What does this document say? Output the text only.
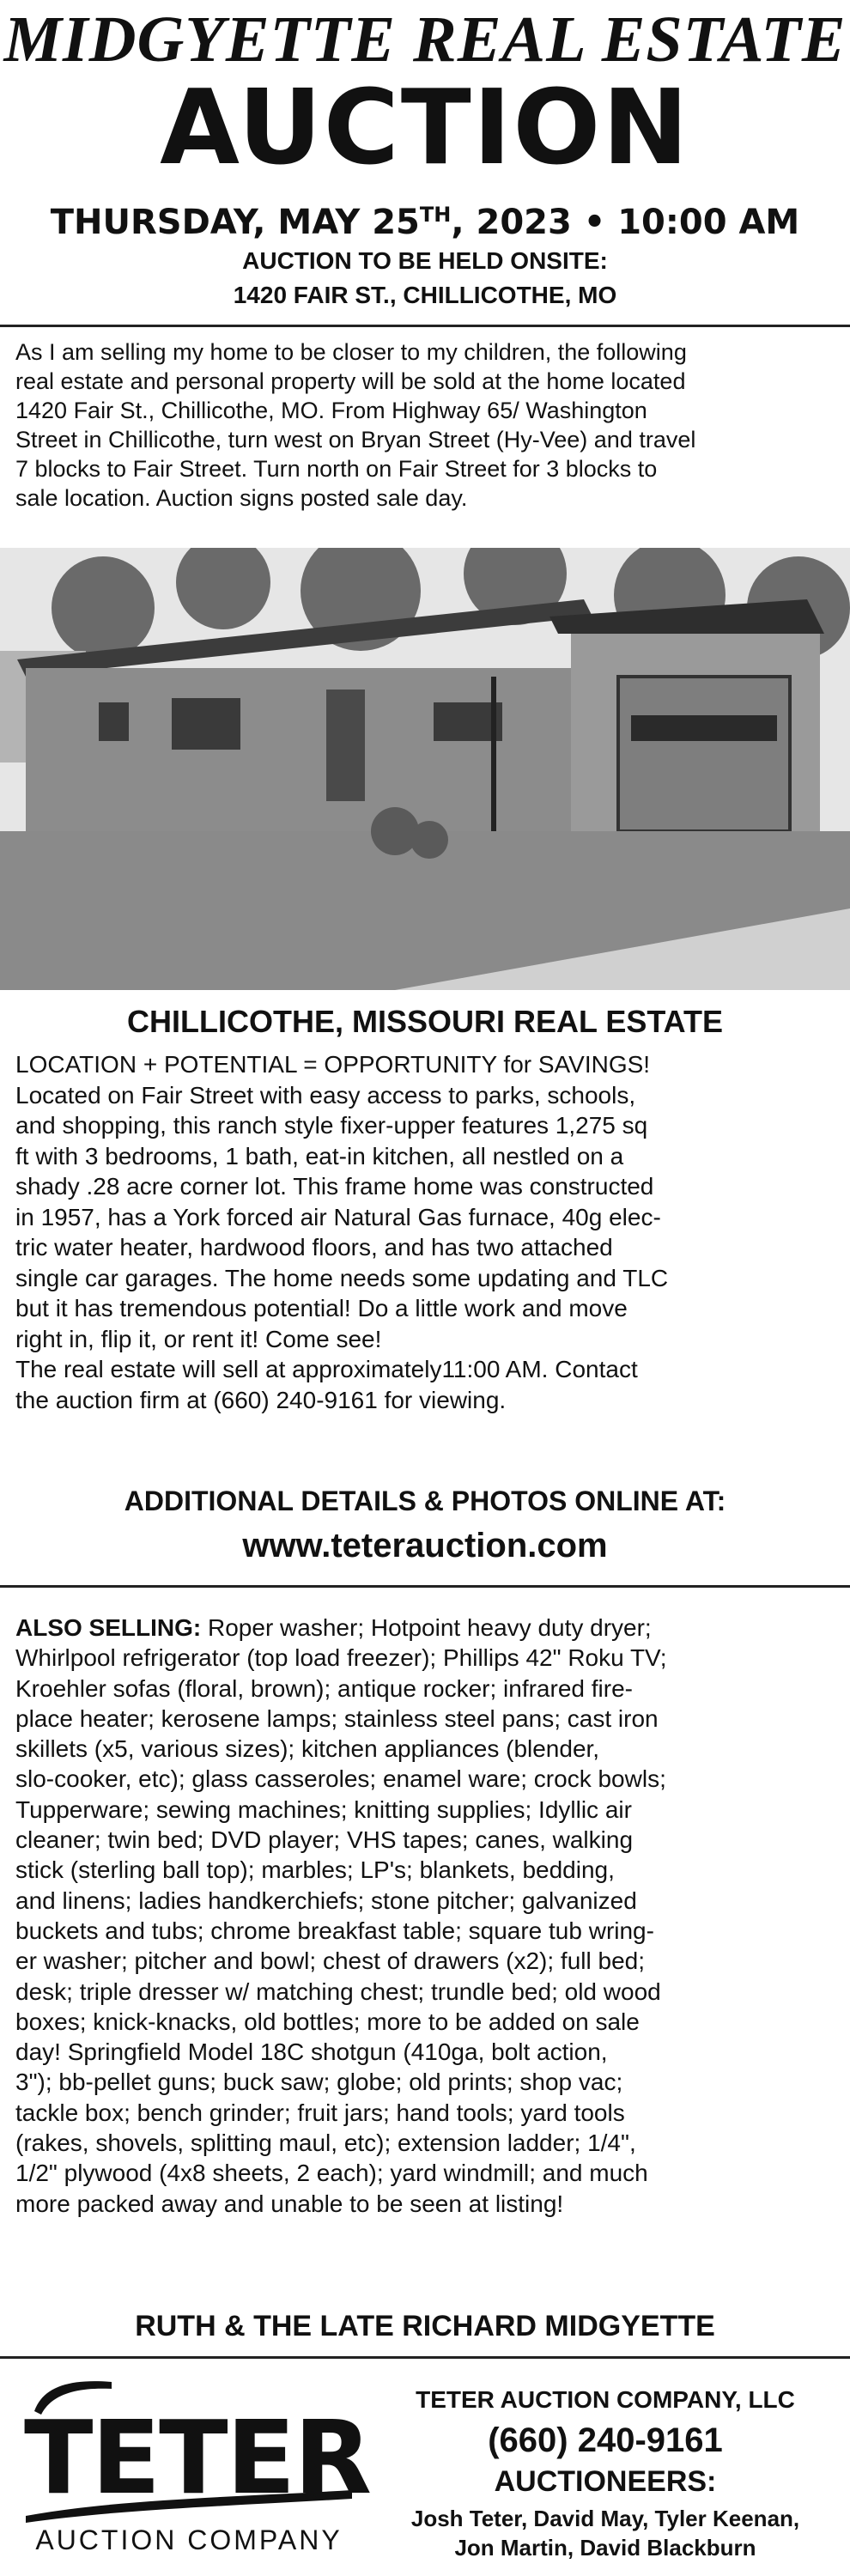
MIDGYETTE REAL ESTATE
AUCTION
THURSDAY, MAY 25TH, 2023 • 10:00 AM
AUCTION TO BE HELD ONSITE:
1420 FAIR ST., CHILLICOTHE, MO
As I am selling my home to be closer to my children, the following
real estate and personal property will be sold at the home located
1420 Fair St., Chillicothe, MO. From Highway 65/ Washington
Street in Chillicothe, turn west on Bryan Street (Hy-Vee) and travel
7 blocks to Fair Street. Turn north on Fair Street for 3 blocks to
sale location. Auction signs posted sale day.
CHILLICOTHE, MISSOURI REAL ESTATE
LOCATION + POTENTIAL = OPPORTUNITY for SAVINGS!
Located on Fair Street with easy access to parks, schools,
and shopping, this ranch style fixer-upper features 1,275 sq
ft with 3 bedrooms, 1 bath, eat-in kitchen, all nestled on a
shady .28 acre corner lot. This frame home was constructed
in 1957, has a York forced air Natural Gas furnace, 40g elec-
tric water heater, hardwood floors, and has two attached
single car garages. The home needs some updating and TLC
but it has tremendous potential! Do a little work and move
right in, flip it, or rent it! Come see!
The real estate will sell at approximately11:00 AM. Contact
the auction firm at (660) 240-9161 for viewing.
ADDITIONAL DETAILS & PHOTOS ONLINE AT:
www.teterauction.com
ALSO SELLING: Roper washer; Hotpoint heavy duty dryer;
Whirlpool refrigerator (top load freezer); Phillips 42" Roku TV;
Kroehler sofas (floral, brown); antique rocker; infrared fire-
place heater; kerosene lamps; stainless steel pans; cast iron
skillets (x5, various sizes); kitchen appliances (blender,
slo-cooker, etc); glass casseroles; enamel ware; crock bowls;
Tupperware; sewing machines; knitting supplies; Idyllic air
cleaner; twin bed; DVD player; VHS tapes; canes, walking
stick (sterling ball top); marbles; LP's; blankets, bedding,
and linens; ladies handkerchiefs; stone pitcher; galvanized
buckets and tubs; chrome breakfast table; square tub wring-
er washer; pitcher and bowl; chest of drawers (x2); full bed;
desk; triple dresser w/ matching chest; trundle bed; old wood
boxes; knick-knacks, old bottles; more to be added on sale
day! Springfield Model 18C shotgun (410ga, bolt action,
3"); bb-pellet guns; buck saw; globe; old prints; shop vac;
tackle box; bench grinder; fruit jars; hand tools; yard tools
(rakes, shovels, splitting maul, etc); extension ladder; 1/4",
1/2" plywood (4x8 sheets, 2 each); yard windmill; and much
more packed away and unable to be seen at listing!
RUTH & THE LATE RICHARD MIDGYETTE
TETER
AUCTION COMPANY
TETER AUCTION COMPANY, LLC
(660) 240-9161
AUCTIONEERS:
Josh Teter, David May, Tyler Keenan,
Jon Martin, David Blackburn
